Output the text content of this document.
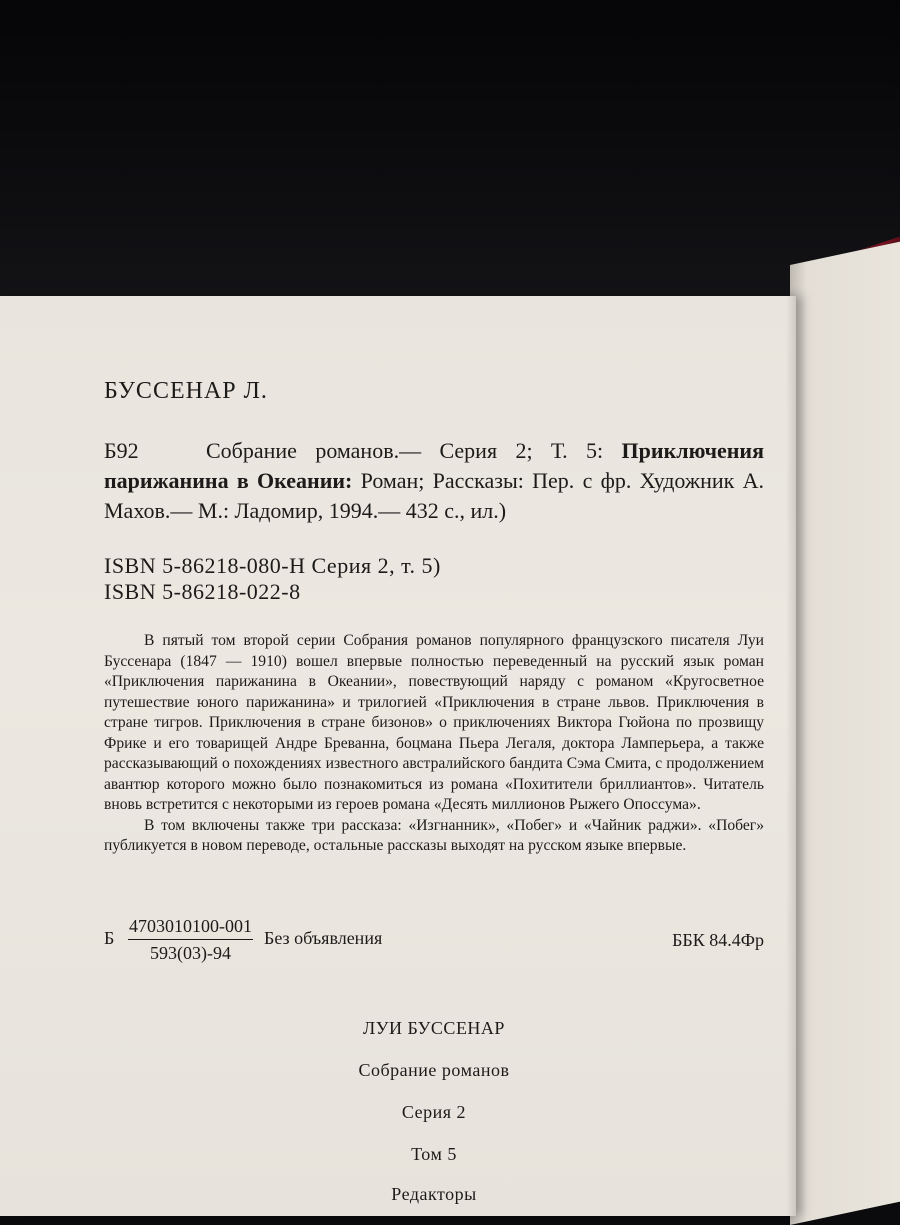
БУССЕНАР Л.
Б92	Собрание романов.— Серия 2; Т. 5: Приключения парижанина в Океании: Роман; Рассказы: Пер. с фр. Художник А. Махов.— М.: Ладомир, 1994.— 432 с., ил.)
ISBN 5-86218-080-Н Серия 2, т. 5)
ISBN 5-86218-022-8

В пятый том второй серии Собрания романов популярного французского писателя Луи Буссенара (1847 — 1910) вошел впервые полностью переведенный на русский язык роман «Приключения парижанина в Океании», повествующий наряду с романом «Кругосветное путешествие юного парижанина» и трилогией «Приключения в стране львов. Приключения в стране тигров. Приключения в стране бизонов» о приключениях Виктора Гюйона по прозвищу Фрике и его товарищей Андре Бреванна, боцмана Пьера Легаля, доктора Ламперьера, а также рассказывающий о похождениях известного австралийского бандита Сэма Смита, с продолжением авантюр которого можно было познакомиться из романа «Похитители бриллиантов». Читатель вновь встретится с некоторыми из героев романа «Десять миллионов Рыжего Опоссума».

В том включены также три рассказа: «Изгнанник», «Побег» и «Чайник раджи». «Побег» публикуется в новом переводе, остальные рассказы выходят на русском языке впервые.

Б $\frac{4703010100-001}{593(03)-94}$ Без объявления	ББК 84.4Фр
ЛУИ БУССЕНАР
Собрание романов
Серия 2
Том 5
Редакторы
